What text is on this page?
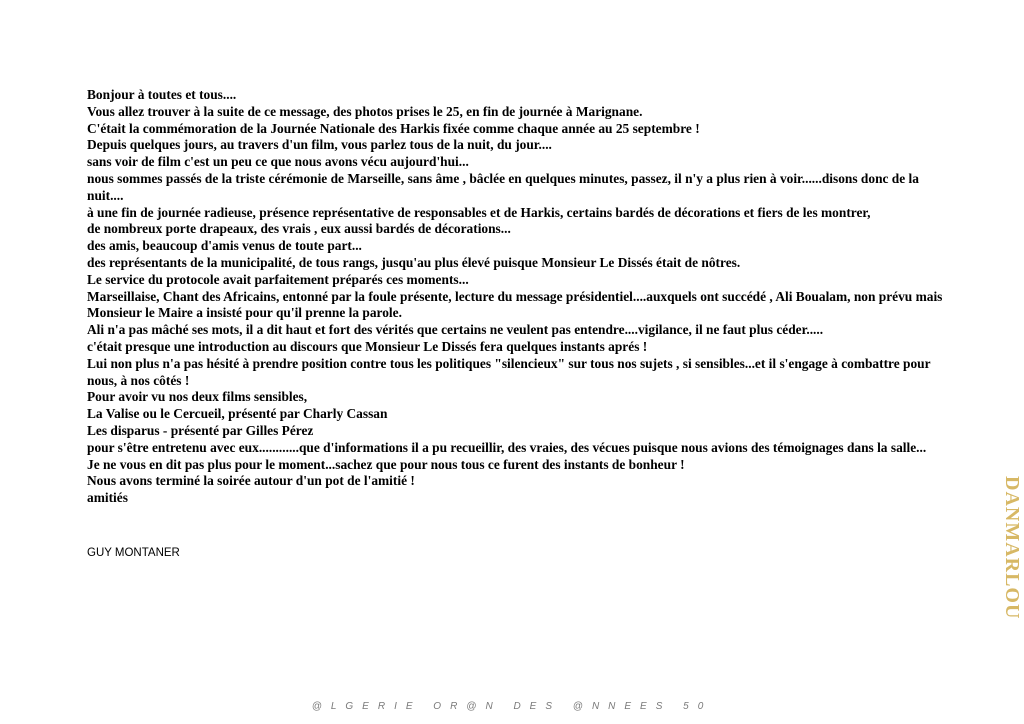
Bonjour à toutes et tous....
Vous allez trouver à la suite de ce message, des photos prises le 25, en fin de journée à Marignane.
C'était la commémoration de la Journée Nationale des Harkis fixée comme chaque année au 25 septembre !
Depuis quelques jours, au travers d'un film, vous parlez tous de la nuit, du jour....
sans voir de film c'est un peu ce que nous avons vécu aujourd'hui...
nous sommes passés de la triste cérémonie de Marseille, sans âme , bâclée en quelques minutes, passez, il n'y a plus rien à voir......disons donc de la nuit....
à une fin de journée radieuse, présence représentative de responsables et de Harkis, certains bardés de décorations et fiers de les montrer,
de nombreux porte drapeaux, des vrais , eux aussi bardés de décorations...
des amis, beaucoup d'amis venus de toute part...
des représentants de la municipalité, de tous rangs, jusqu'au plus élevé puisque Monsieur Le Dissés était de nôtres.
Le service du protocole avait parfaitement préparés ces moments...
Marseillaise, Chant des Africains, entonné par la foule présente, lecture du message présidentiel....auxquels ont succédé , Ali Boualam, non prévu mais Monsieur le Maire a insisté pour qu'il prenne la parole.
Ali n'a pas mâché ses mots, il a dit haut et fort des vérités que certains ne veulent pas entendre....vigilance, il ne faut plus céder.....
c'était presque une introduction au discours que Monsieur Le Dissés fera quelques instants aprés !
Lui non plus n'a pas hésité à prendre position contre tous les politiques "silencieux" sur tous nos sujets , si sensibles...et il s'engage à combattre pour nous, à nos côtés !
Pour avoir vu nos deux films sensibles,
La Valise ou le Cercueil, présenté par Charly Cassan
Les disparus - présenté par Gilles Pérez
pour s'être entretenu avec eux............que d'informations il a pu recueillir, des vraies, des vécues puisque nous avions des témoignages dans la salle...
Je ne vous en dit pas plus pour le moment...sachez que pour nous tous ce furent des instants de bonheur !
Nous avons terminé la soirée autour d'un pot de l'amitié !
amitiés

GUY MONTANER	DANMARLOU

@LGERIE OR@N DES @NNEES 50
